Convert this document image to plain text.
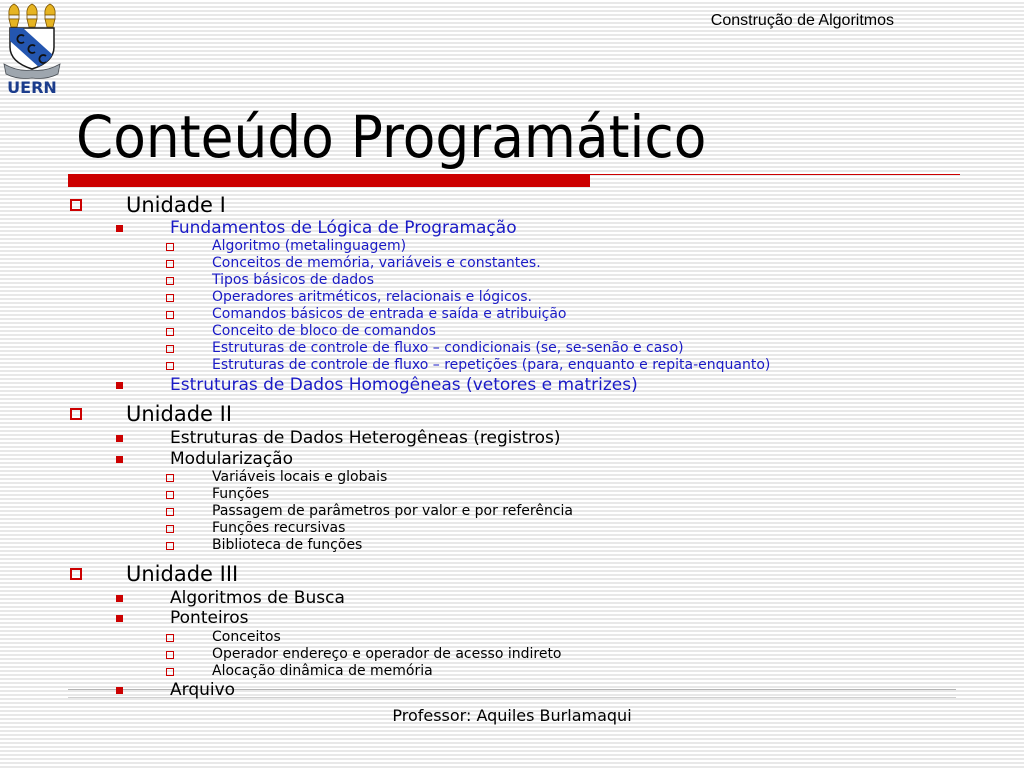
UERN
Construção de Algoritmos
Conteúdo Programático
Unidade I
Fundamentos de Lógica de Programação
Algoritmo (metalinguagem)
Conceitos de memória, variáveis e constantes.
Tipos básicos de dados
Operadores aritméticos, relacionais e lógicos.
Comandos básicos de entrada e saída e atribuição
Conceito de bloco de comandos
Estruturas de controle de fluxo – condicionais (se, se-senão e caso)
Estruturas de controle de fluxo – repetições (para, enquanto e repita-enquanto)
Estruturas de Dados Homogêneas (vetores e matrizes)
Unidade II
Estruturas de Dados Heterogêneas (registros)
Modularização
Variáveis locais e globais
Funções
Passagem de parâmetros por valor e por referência
Funções recursivas
Biblioteca de funções
Unidade III
Algoritmos de Busca
Ponteiros
Conceitos
Operador endereço e operador de acesso indireto
Alocação dinâmica de memória
Arquivo
Professor: Aquiles Burlamaqui
